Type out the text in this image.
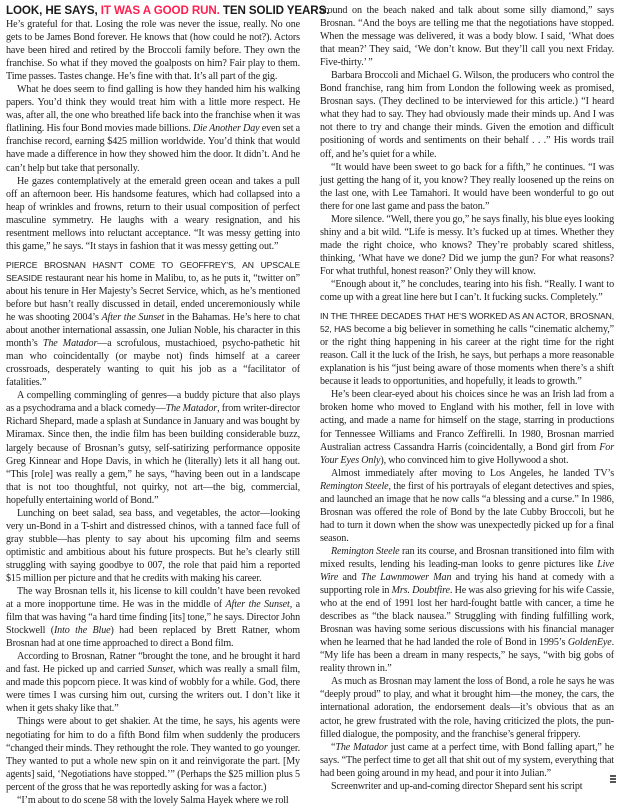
LOOK, HE SAYS, IT WAS A GOOD RUN. TEN SOLID YEARS.

He’s grateful for that. Losing the role was never the issue, really. No one gets to be James Bond forever. He knows that (how could he not?). Actors have been hired and retired by the Broccoli family before. They own the franchise. So what if they moved the goalposts on him? Fair play to them. Time passes. Tastes change. He’s fine with that. It’s all part of the gig.

What he does seem to find galling is how they handed him his walking papers. You’d think they would treat him with a little more respect. He was, after all, the one who breathed life back into the franchise when it was flatlining. His four Bond movies made billions. Die Another Day even set a franchise record, earning $425 million worldwide. You’d think that would have made a difference in how they showed him the door. It didn’t. And he can’t help but take that personally.

He gazes contemplatively at the emerald green ocean and takes a pull off an afternoon beer. His handsome features, which had collapsed into a heap of wrinkles and frowns, return to their usual composition of perfect masculine symmetry. He laughs with a weary resignation, and his resentment mellows into reluctant acceptance. “It was messy getting into this game,” he says. “It stays in fashion that it was messy getting out.”

PIERCE BROSNAN HASN’T COME TO GEOFFREY’S, AN UPSCALE SEASIDE restaurant near his home in Malibu, to, as he puts it, “twitter on” about his tenure in Her Majesty’s Secret Service, which, as he’s mentioned before but hasn’t really discussed in detail, ended unceremoniously while he was shooting 2004’s After the Sunset in the Bahamas. He’s here to chat about another international assassin, one Julian Noble, his character in this month’s The Matador—a scrofulous, mustachioed, psycho-pathetic hit man who coincidentally (or maybe not) finds himself at a career crossroads, desperately wanting to quit his job as a “facilitator of fatalities.”

A compelling commingling of genres—a buddy picture that also plays as a psychodrama and a black comedy—The Matador, from writer-director Richard Shepard, made a splash at Sundance in January and was bought by Miramax. Since then, the indie film has been building considerable buzz, largely because of Brosnan’s gutsy, self-satirizing performance opposite Greg Kinnear and Hope Davis, in which he (literally) lets it all hang out. “This [role] was really a gem,” he says, “having been out in a landscape that is not too thoughtful, not quirky, not art—the big, commercial, hopefully entertaining world of Bond.”

Lunching on beet salad, sea bass, and vegetables, the actor—looking very un-Bond in a T-shirt and distressed chinos, with a tanned face full of gray stubble—has plenty to say about his upcoming film and seems optimistic and ambitious about his future prospects. But he’s clearly still struggling with saying goodbye to 007, the role that paid him a reported $15 million per picture and that he credits with making his career.

The way Brosnan tells it, his license to kill couldn’t have been revoked at a more inopportune time. He was in the middle of After the Sunset, a film that was having “a hard time finding [its] tone,” he says. Director John Stockwell (Into the Blue) had been replaced by Brett Ratner, whom Brosnan had at one time approached to direct a Bond film.

According to Brosnan, Ratner “brought the tone, and he brought it hard and fast. He picked up and carried Sunset, which was really a small film, and made this popcorn piece. It was kind of wobbly for a while. God, there were times I was cursing him out, cursing the writers out. I don’t like it when it gets shaky like that.”

Things were about to get shakier. At the time, he says, his agents were negotiating for him to do a fifth Bond film when suddenly the producers “changed their minds. They rethought the role. They wanted to go younger. They wanted to put a whole new spin on it and reinvigorate the part. [My agents] said, ‘Negotiations have stopped.’” (Perhaps the $25 million plus 5 percent of the gross that he was reportedly asking for was a factor.)

“I’m about to do scene 58 with the lovely Salma Hayek where we roll

around on the beach naked and talk about some silly diamond,” says Brosnan. “And the boys are telling me that the negotiations have stopped. When the message was delivered, it was a body blow. I said, ‘What does that mean?’ They said, ‘We don’t know. But they’ll call you next Friday. Five-thirty.’ ”

Barbara Broccoli and Michael G. Wilson, the producers who control the Bond franchise, rang him from London the following week as promised, Brosnan says. (They declined to be interviewed for this article.) “I heard what they had to say. They had obviously made their minds up. And I was not there to try and change their minds. Given the emotion and difficult positioning of words and sentiments on their behalf . . .” His words trail off, and he’s quiet for a while.

“It would have been sweet to go back for a fifth,” he continues. “I was just getting the hang of it, you know? They really loosened up the reins on the last one, with Lee Tamahori. It would have been wonderful to go out there for one last game and pass the baton.”

More silence. “Well, there you go,” he says finally, his blue eyes looking shiny and a bit wild. “Life is messy. It’s fucked up at times. Whether they made the right choice, who knows? They’re probably scared shitless, thinking, ‘What have we done? Did we jump the gun? For what reasons? For what truthful, honest reason?’ Only they will know.

“Enough about it,” he concludes, tearing into his fish. “Really. I want to come up with a great line here but I can’t. It fucking sucks. Completely.”

IN THE THREE DECADES THAT HE’S WORKED AS AN ACTOR, BROSNAN, 52, HAS become a big believer in something he calls “cinematic alchemy,” or the right thing happening in his career at the right time for the right reason. Call it the luck of the Irish, he says, but perhaps a more reasonable explanation is his “just being aware of those moments when there’s a shift because it leads to opportunities, and hopefully, it leads to growth.”

He’s been clear-eyed about his choices since he was an Irish lad from a broken home who moved to England with his mother, fell in love with acting, and made a name for himself on the stage, starring in productions for Tennessee Williams and Franco Zeffirelli. In 1980, Brosnan married Australian actress Cassandra Harris (coincidentally, a Bond girl from For Your Eyes Only), who convinced him to give Hollywood a shot.

Almost immediately after moving to Los Angeles, he landed TV’s Remington Steele, the first of his portrayals of elegant detectives and spies, and launched an image that he now calls “a blessing and a curse.” In 1986, Brosnan was offered the role of Bond by the late Cubby Broccoli, but he had to turn it down when the show was unexpectedly picked up for a final season.

Remington Steele ran its course, and Brosnan transitioned into film with mixed results, lending his leading-man looks to genre pictures like Live Wire and The Lawnmower Man and trying his hand at comedy with a supporting role in Mrs. Doubtfire. He was also grieving for his wife Cassie, who at the end of 1991 lost her hard-fought battle with cancer, a time he describes as “the black nausea.” Struggling with finding fulfilling work, Brosnan was having some serious discussions with his financial manager when he learned that he had landed the role of Bond in 1995’s GoldenEye. “My life has been a dream in many respects,” he says, “with big gobs of reality thrown in.”

As much as Brosnan may lament the loss of Bond, a role he says he was “deeply proud” to play, and what it brought him—the money, the cars, the international adoration, the endorsement deals—it’s obvious that as an actor, he grew frustrated with the role, having criticized the plots, the pun-filled dialogue, the pomposity, and the franchise’s general frippery.

“The Matador just came at a perfect time, with Bond falling apart,” he says. “The perfect time to get all that shit out of my system, everything that had been going around in my head, and pour it into Julian.”

Screenwriter and up-and-coming director Shepard sent his script
